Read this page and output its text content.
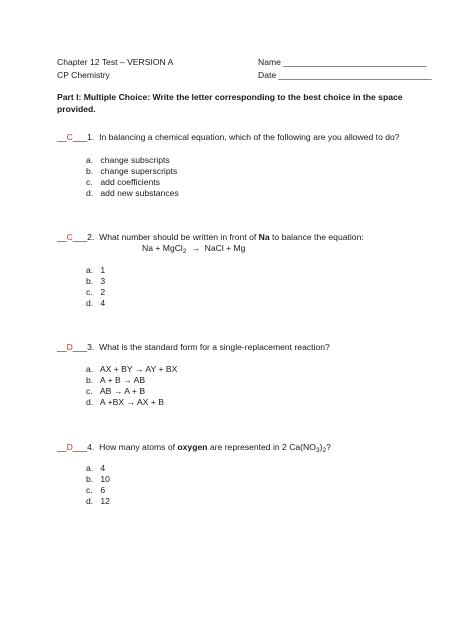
Chapter 12 Test – VERSION A
CP Chemistry
Name ______________________________
Date ________________________________
Part I: Multiple Choice: Write the letter corresponding to the best choice in the space
provided.
__C___1. In balancing a chemical equation, which of the following are you allowed to do?
a. change subscripts
b. change superscripts
c. add coefficients
d. add new substances
__C___2. What number should be written in front of Na to balance the equation:
Na + MgCl$_2$ → NaCl + Mg
a. 1
b. 3
c. 2
d. 4
__D___3. What is the standard form for a single-replacement reaction?
a. AX + BY → AY + BX
b. A + B → AB
c. AB → A + B
d. A +BX → AX + B
__D___4. How many atoms of oxygen are represented in 2 $Ca(NO_3)_2$?
a. 4
b. 10
c. 6
d. 12
